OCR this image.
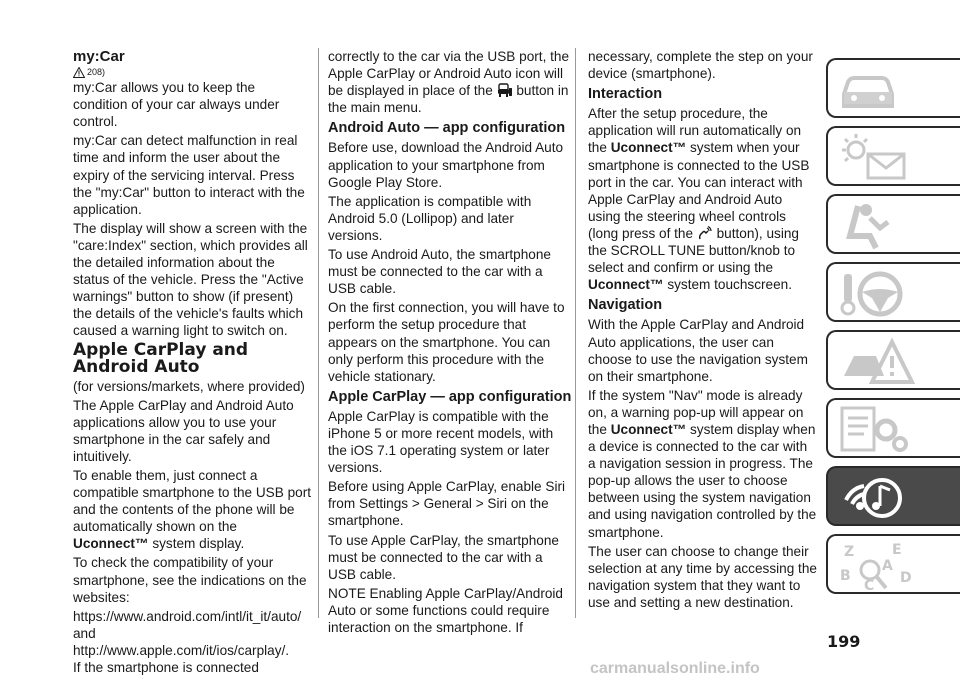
my:Car
208)

my:Car allows you to keep the condition of your car always under control.

my:Car can detect malfunction in real time and inform the user about the expiry of the servicing interval. Press the "my:Car" button to interact with the application.

The display will show a screen with the "care:Index" section, which provides all the detailed information about the status of the vehicle. Press the "Active warnings" button to show (if present) the details of the vehicle's faults which caused a warning light to switch on.

Apple CarPlay and Android Auto

(for versions/markets, where provided)

The Apple CarPlay and Android Auto applications allow you to use your smartphone in the car safely and intuitively.

To enable them, just connect a compatible smartphone to the USB port and the contents of the phone will be automatically shown on the Uconnect™ system display.

To check the compatibility of your smartphone, see the indications on the websites:

https://www.android.com/intl/it_it/auto/
and
http://www.apple.com/it/ios/carplay/.

If the smartphone is connected

correctly to the car via the USB port, the Apple CarPlay or Android Auto icon will be displayed in place of the button in the main menu.

Android Auto — app configuration

Before use, download the Android Auto application to your smartphone from Google Play Store.

The application is compatible with Android 5.0 (Lollipop) and later versions.

To use Android Auto, the smartphone must be connected to the car with a USB cable.

On the first connection, you will have to perform the setup procedure that appears on the smartphone. You can only perform this procedure with the vehicle stationary.

Apple CarPlay — app configuration

Apple CarPlay is compatible with the iPhone 5 or more recent models, with the iOS 7.1 operating system or later versions.

Before using Apple CarPlay, enable Siri from Settings > General > Siri on the smartphone.

To use Apple CarPlay, the smartphone must be connected to the car with a USB cable.

NOTE Enabling Apple CarPlay/Android Auto or some functions could require interaction on the smartphone. If

necessary, complete the step on your device (smartphone).

Interaction

After the setup procedure, the application will run automatically on the Uconnect™ system when your smartphone is connected to the USB port in the car. You can interact with Apple CarPlay and Android Auto using the steering wheel controls (long press of the button), using the SCROLL TUNE button/knob to select and confirm or using the Uconnect™ system touchscreen.

Navigation

With the Apple CarPlay and Android Auto applications, the user can choose to use the navigation system on their smartphone.

If the system "Nav" mode is already on, a warning pop-up will appear on the Uconnect™ system display when a device is connected to the car with a navigation session in progress. The pop-up allows the user to choose between using the system navigation and using navigation controlled by the smartphone.

The user can choose to change their selection at any time by accessing the navigation system that they want to use and setting a new destination.

Z	E
B
C D
A
199
carmanualsonline.info
